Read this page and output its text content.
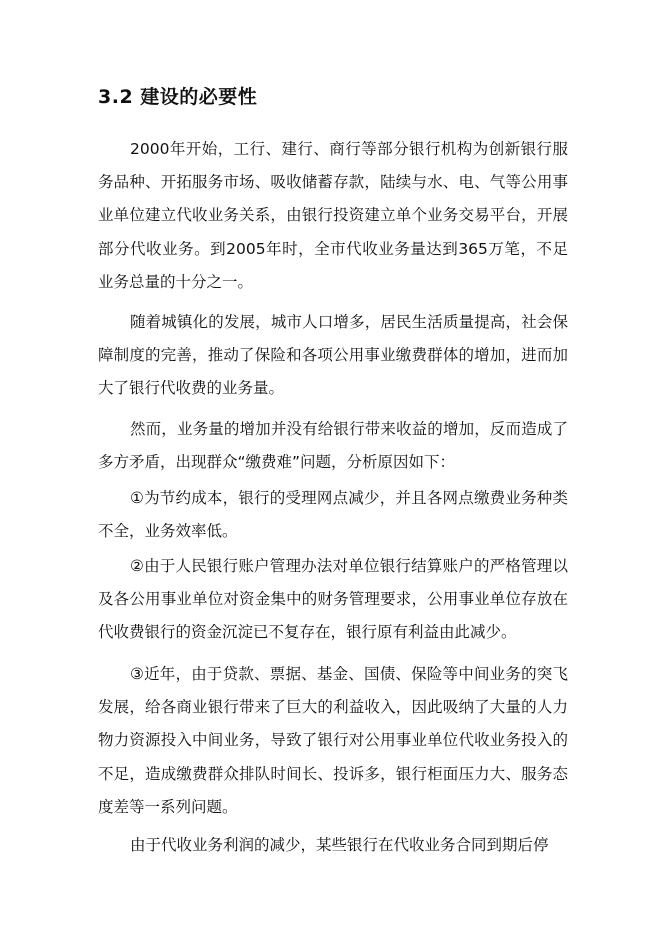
3.2 建设的必要性

2000年开始，工行、建行、商行等部分银行机构为创新银行服务品种、开拓服务市场、吸收储蓄存款，陆续与水、电、气等公用事业单位建立代收业务关系，由银行投资建立单个业务交易平台，开展部分代收业务。到2005年时，全市代收业务量达到365万笔，不足业务总量的十分之一。

随着城镇化的发展，城市人口增多，居民生活质量提高，社会保障制度的完善，推动了保险和各项公用事业缴费群体的增加，进而加大了银行代收费的业务量。

然而，业务量的增加并没有给银行带来收益的增加，反而造成了多方矛盾，出现群众“缴费难”问题，分析原因如下：

①为节约成本，银行的受理网点减少，并且各网点缴费业务种类不全，业务效率低。

②由于人民银行账户管理办法对单位银行结算账户的严格管理以及各公用事业单位对资金集中的财务管理要求，公用事业单位存放在代收费银行的资金沉淀已不复存在，银行原有利益由此减少。

③近年，由于贷款、票据、基金、国债、保险等中间业务的突飞发展，给各商业银行带来了巨大的利益收入，因此吸纳了大量的人力物力资源投入中间业务，导致了银行对公用事业单位代收业务投入的不足，造成缴费群众排队时间长、投诉多，银行柜面压力大、服务态度差等一系列问题。

由于代收业务利润的减少，某些银行在代收业务合同到期后停
